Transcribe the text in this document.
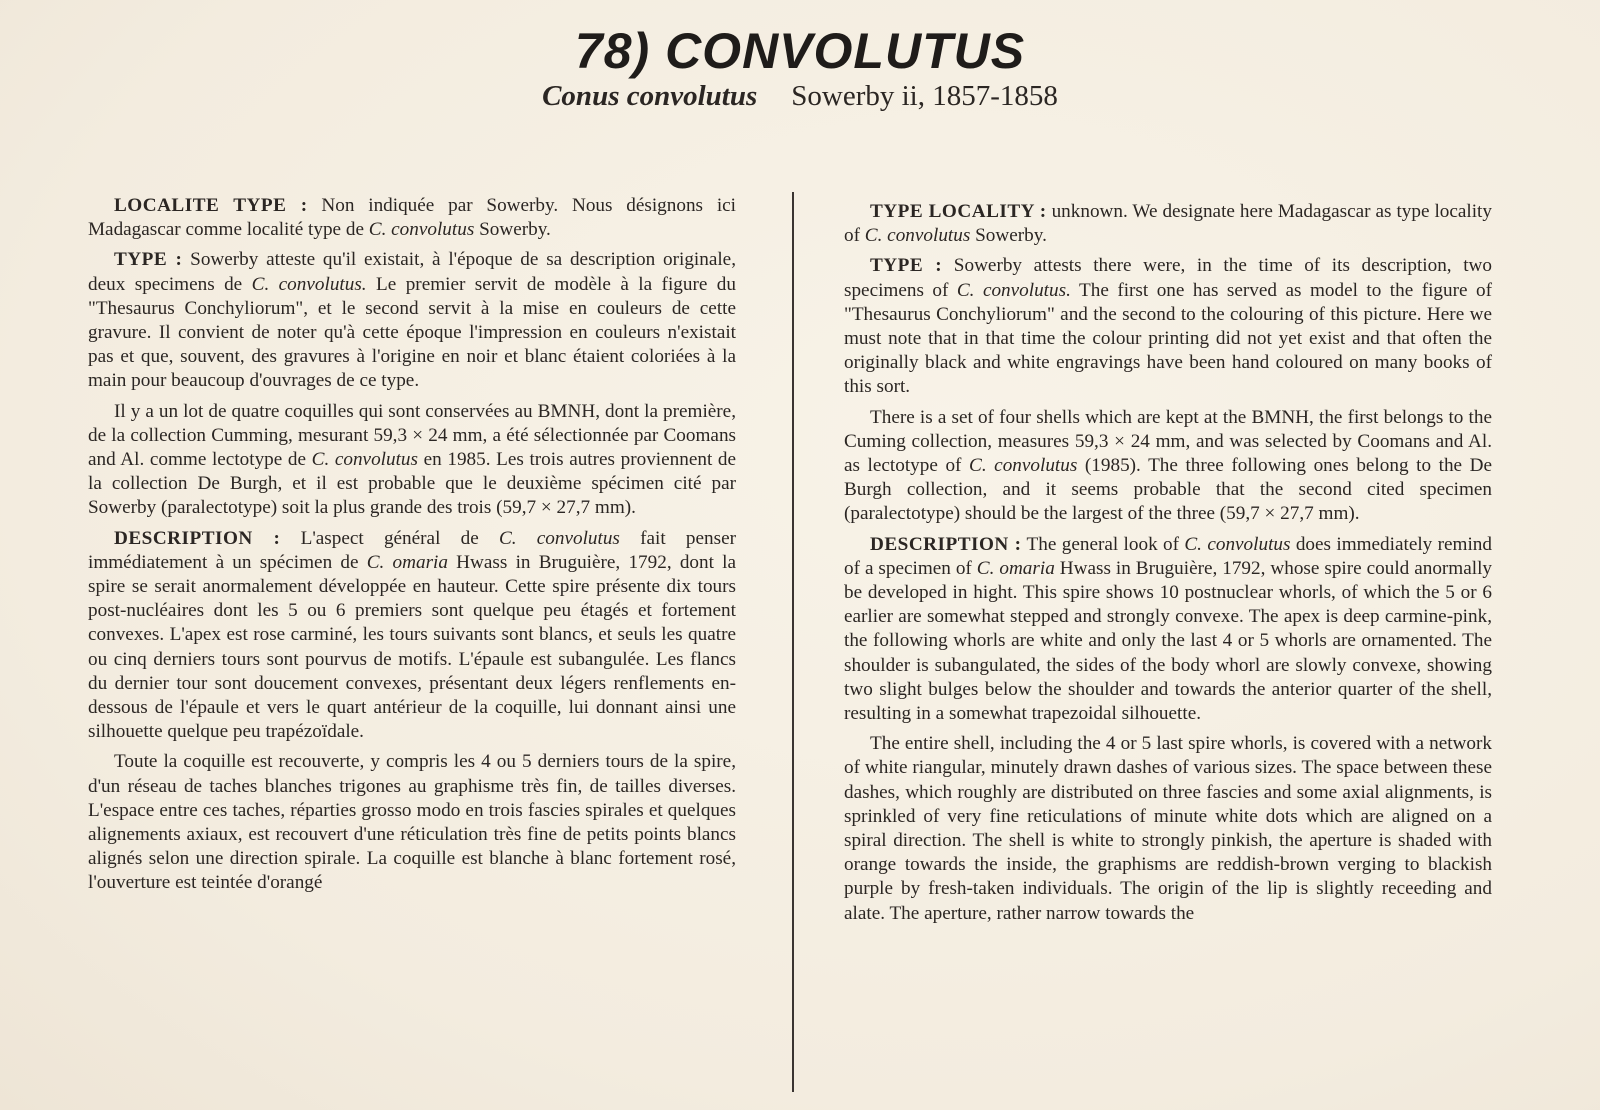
78) CONVOLUTUS
Conus convolutus Sowerby ii, 1857-1858

LOCALITE TYPE : Non indiquée par Sowerby. Nous désignons ici Madagascar comme localité type de C. convolutus Sowerby.

TYPE : Sowerby atteste qu'il existait, à l'époque de sa description originale, deux specimens de C. convolutus. Le premier servit de modèle à la figure du "Thesaurus Conchyliorum", et le second servit à la mise en couleurs de cette gravure. Il convient de noter qu'à cette époque l'impression en couleurs n'existait pas et que, souvent, des gravures à l'origine en noir et blanc étaient coloriées à la main pour beaucoup d'ouvrages de ce type.

Il y a un lot de quatre coquilles qui sont conservées au BMNH, dont la première, de la collection Cumming, mesurant 59,3 × 24 mm, a été sélectionnée par Coomans and Al. comme lectotype de C. convolutus en 1985. Les trois autres proviennent de la collection De Burgh, et il est probable que le deuxième spécimen cité par Sowerby (paralectotype) soit la plus grande des trois (59,7 × 27,7 mm).

DESCRIPTION : L'aspect général de C. convolutus fait penser immédiatement à un spécimen de C. omaria Hwass in Bruguière, 1792, dont la spire se serait anormalement développée en hauteur. Cette spire présente dix tours post-nucléaires dont les 5 ou 6 premiers sont quelque peu étagés et fortement convexes. L'apex est rose carminé, les tours suivants sont blancs, et seuls les quatre ou cinq derniers tours sont pourvus de motifs. L'épaule est subangulée. Les flancs du dernier tour sont doucement convexes, présentant deux légers renflements en-dessous de l'épaule et vers le quart antérieur de la coquille, lui donnant ainsi une silhouette quelque peu trapézoïdale.

Toute la coquille est recouverte, y compris les 4 ou 5 derniers tours de la spire, d'un réseau de taches blanches trigones au graphisme très fin, de tailles diverses. L'espace entre ces taches, réparties grosso modo en trois fascies spirales et quelques alignements axiaux, est recouvert d'une réticulation très fine de petits points blancs alignés selon une direction spirale. La coquille est blanche à blanc fortement rosé, l'ouverture est teintée d'orangé

TYPE LOCALITY : unknown. We designate here Madagascar as type locality of C. convolutus Sowerby.

TYPE : Sowerby attests there were, in the time of its description, two specimens of C. convolutus. The first one has served as model to the figure of "Thesaurus Conchyliorum" and the second to the colouring of this picture. Here we must note that in that time the colour printing did not yet exist and that often the originally black and white engravings have been hand coloured on many books of this sort.

There is a set of four shells which are kept at the BMNH, the first belongs to the Cuming collection, measures 59,3 × 24 mm, and was selected by Coomans and Al. as lectotype of C. convolutus (1985). The three following ones belong to the De Burgh collection, and it seems probable that the second cited specimen (paralectotype) should be the largest of the three (59,7 × 27,7 mm).

DESCRIPTION : The general look of C. convolutus does immediately remind of a specimen of C. omaria Hwass in Bruguière, 1792, whose spire could anormally be developed in hight. This spire shows 10 postnuclear whorls, of which the 5 or 6 earlier are somewhat stepped and strongly convexe. The apex is deep carmine-pink, the following whorls are white and only the last 4 or 5 whorls are ornamented. The shoulder is subangulated, the sides of the body whorl are slowly convexe, showing two slight bulges below the shoulder and towards the anterior quarter of the shell, resulting in a somewhat trapezoidal silhouette.

The entire shell, including the 4 or 5 last spire whorls, is covered with a network of white riangular, minutely drawn dashes of various sizes. The space between these dashes, which roughly are distributed on three fascies and some axial alignments, is sprinkled of very fine reticulations of minute white dots which are aligned on a spiral direction. The shell is white to strongly pinkish, the aperture is shaded with orange towards the inside, the graphisms are reddish-brown verging to blackish purple by fresh-taken individuals. The origin of the lip is slightly receeding and alate. The aperture, rather narrow towards the
